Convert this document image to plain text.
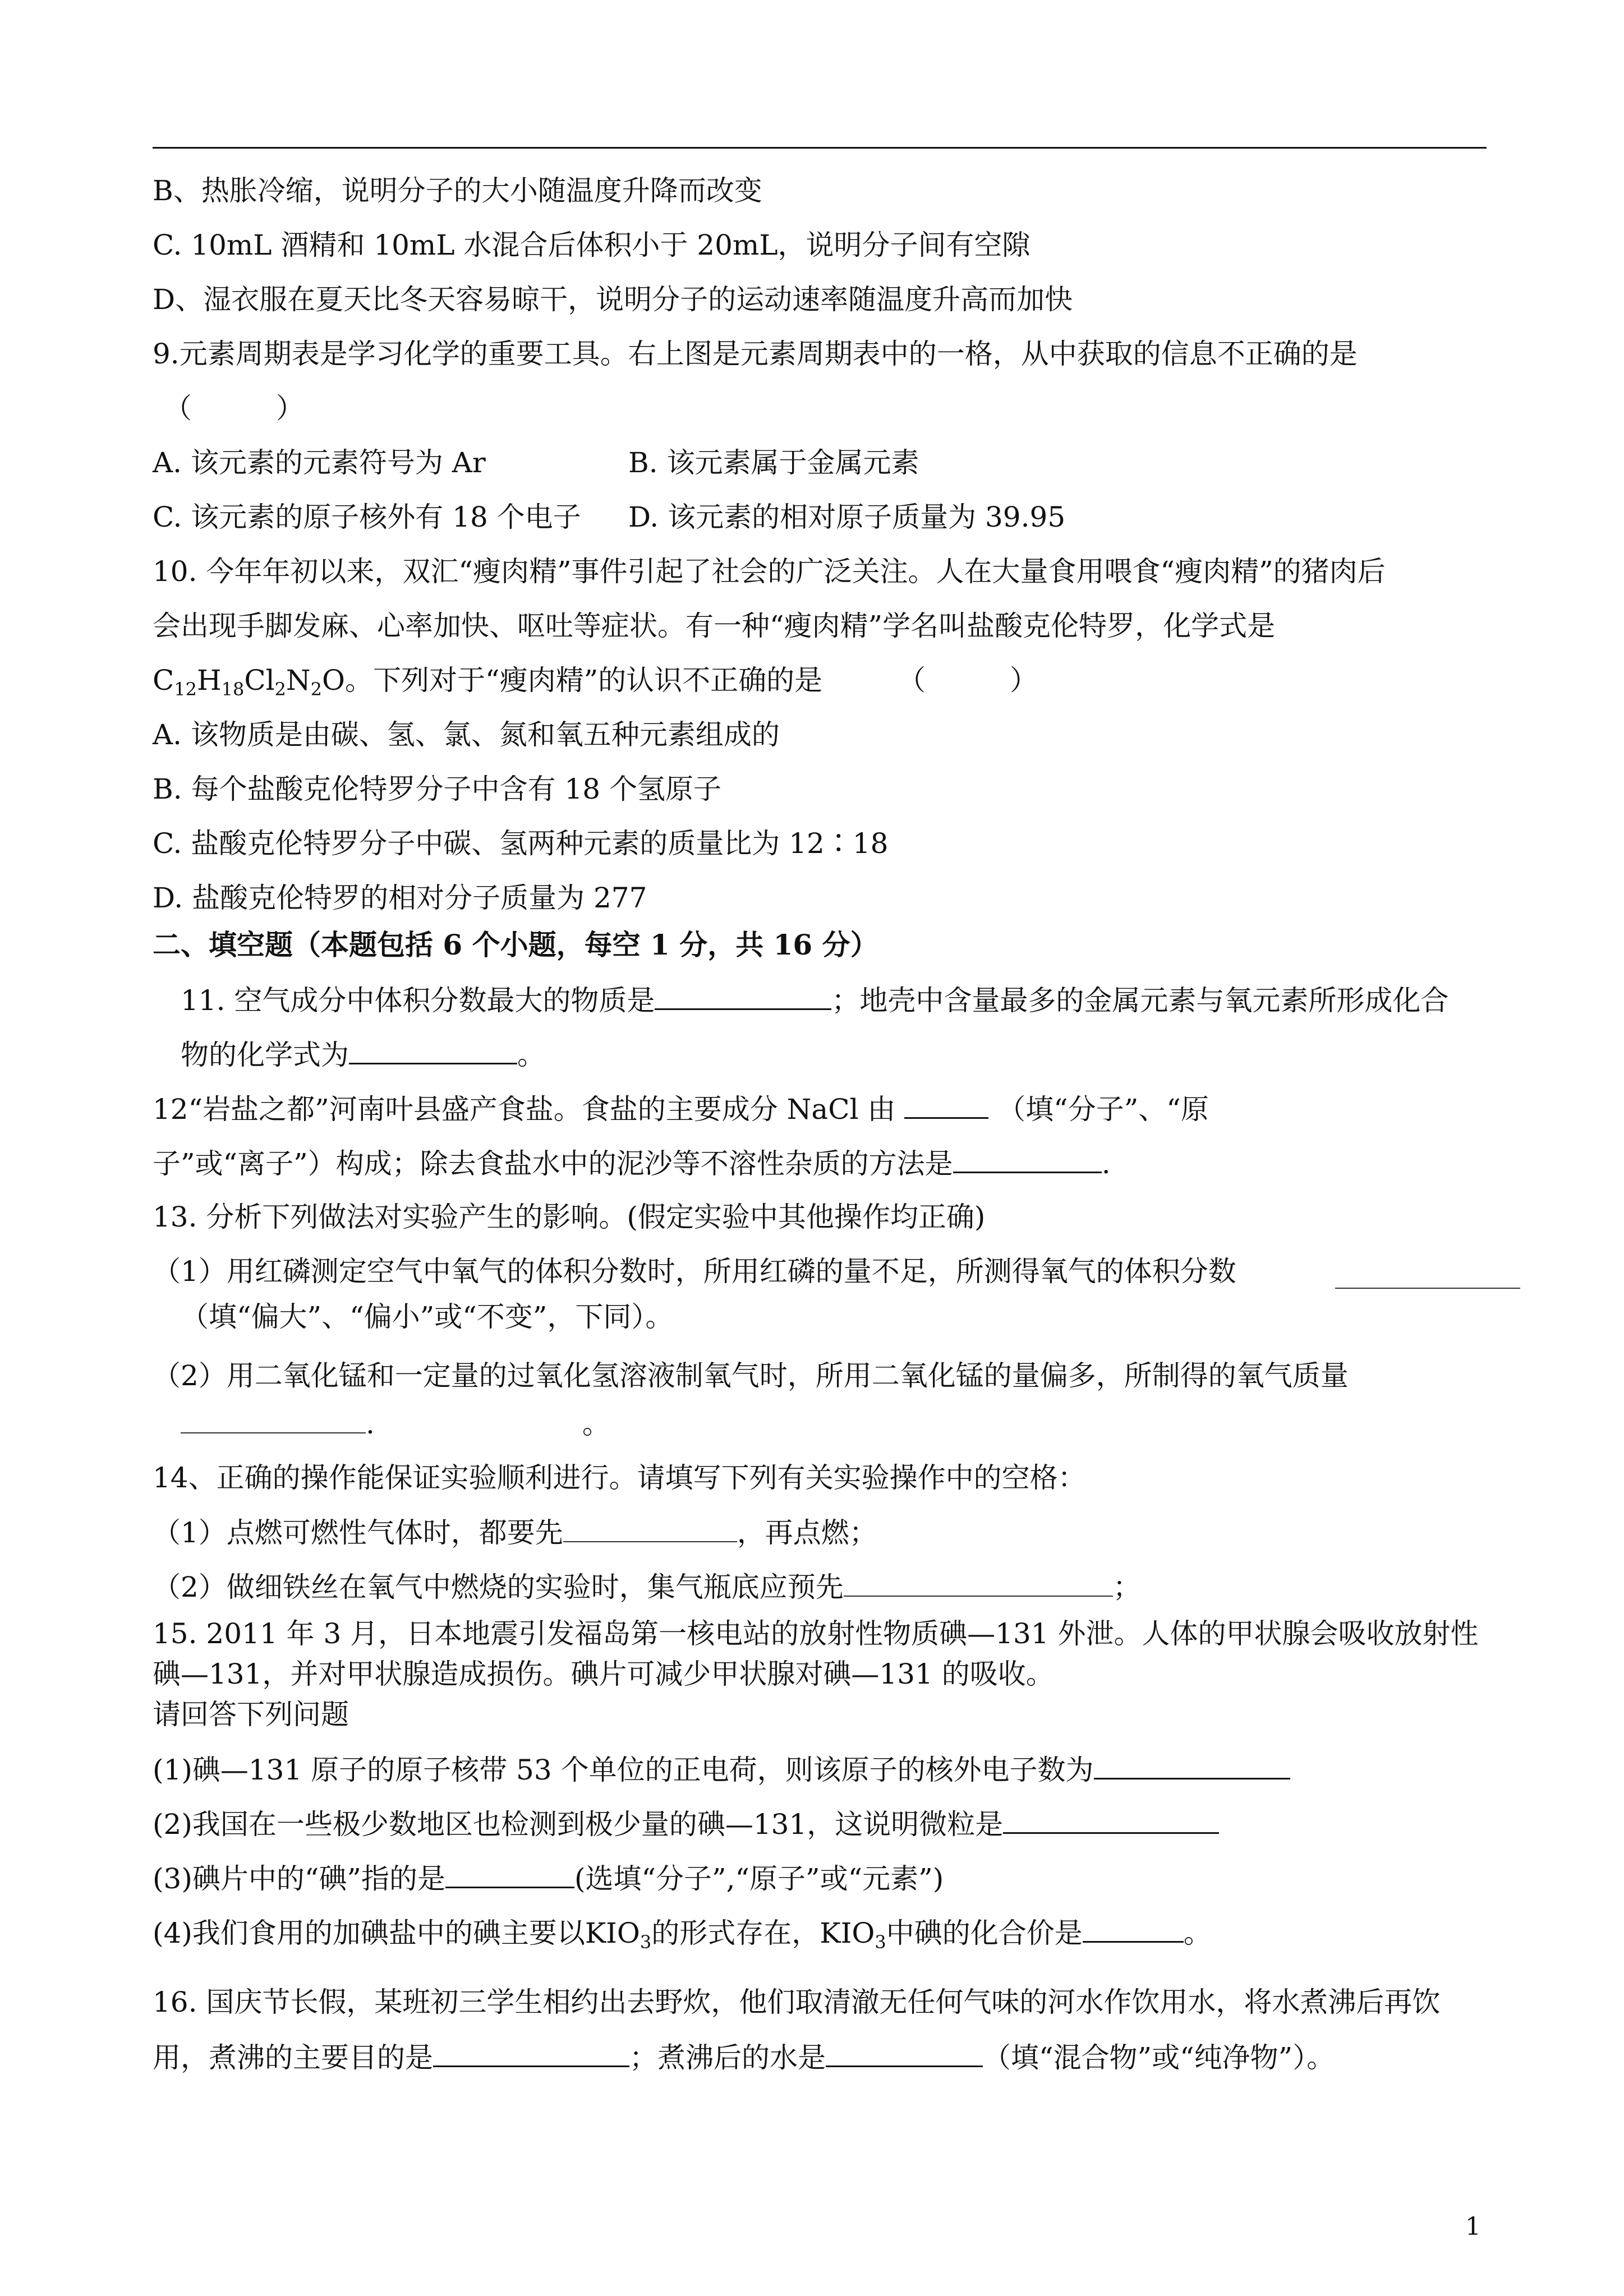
B、热胀冷缩，说明分子的大小随温度升降而改变
C. 10mL 酒精和 10mL 水混合后体积小于 20mL，说明分子间有空隙
D、湿衣服在夏天比冬天容易晾干，说明分子的运动速率随温度升高而加快
9.元素周期表是学习化学的重要工具。右上图是元素周期表中的一格，从中获取的信息不正确的是
（　　　）
A. 该元素的元素符号为 Ar	B. 该元素属于金属元素
C. 该元素的原子核外有 18 个电子 D. 该元素的相对原子质量为 39.95
10. 今年年初以来，双汇“瘦肉精”事件引起了社会的广泛关注。人在大量食用喂食“瘦肉精”的猪肉后
会出现手脚发麻、心率加快、呕吐等症状。有一种“瘦肉精”学名叫盐酸克伦特罗，化学式是
$C_{12}H_{18}Cl_2N_2O$。下列对于“瘦肉精”的认识不正确的是	（　　　）
A. 该物质是由碳、氢、氯、氮和氧五种元素组成的
B. 每个盐酸克伦特罗分子中含有 18 个氢原子
C. 盐酸克伦特罗分子中碳、氢两种元素的质量比为 12∶18
D. 盐酸克伦特罗的相对分子质量为 277
二、填空题（本题包括 6 个小题，每空 1 分，共 16 分）
11. 空气成分中体积分数最大的物质是	；地壳中含量最多的金属元素与氧元素所形成化合
物的化学式为	。
12“岩盐之都”河南叶县盛产食盐。食盐的主要成分 NaCl 由	（填“分子”、“原
子”或“离子”）构成；除去食盐水中的泥沙等不溶性杂质的方法是	.
13. 分析下列做法对实验产生的影响。(假定实验中其他操作均正确)
（1）用红磷测定空气中氧气的体积分数时，所用红磷的量不足，所测得氧气的体积分数
（填“偏大”、“偏小”或“不变”，下同）。
（2）用二氧化锰和一定量的过氧化氢溶液制氧气时，所用二氧化锰的量偏多，所制得的氧气质量
.	。
14、正确的操作能保证实验顺利进行。请填写下列有关实验操作中的空格：
（1）点燃可燃性气体时，都要先	，再点燃；
（2）做细铁丝在氧气中燃烧的实验时，集气瓶底应预先	；
15. 2011 年 3 月，日本地震引发福岛第一核电站的放射性物质碘—131 外泄。人体的甲状腺会吸收放射性
碘—131，并对甲状腺造成损伤。碘片可减少甲状腺对碘—131 的吸收。
请回答下列问题
(1)碘—131 原子的原子核带 53 个单位的正电荷，则该原子的核外电子数为
(2)我国在一些极少数地区也检测到极少量的碘—131，这说明微粒是
(3)碘片中的“碘”指的是	(选填“分子”,“原子”或“元素”)
(4)我们食用的加碘盐中的碘主要以$KIO_3$的形式存在，$KIO_3$中碘的化合价是	。
16. 国庆节长假，某班初三学生相约出去野炊，他们取清澈无任何气味的河水作饮用水，将水煮沸后再饮
用，煮沸的主要目的是	；煮沸后的水是	（填“混合物”或“纯净物”）。
1
